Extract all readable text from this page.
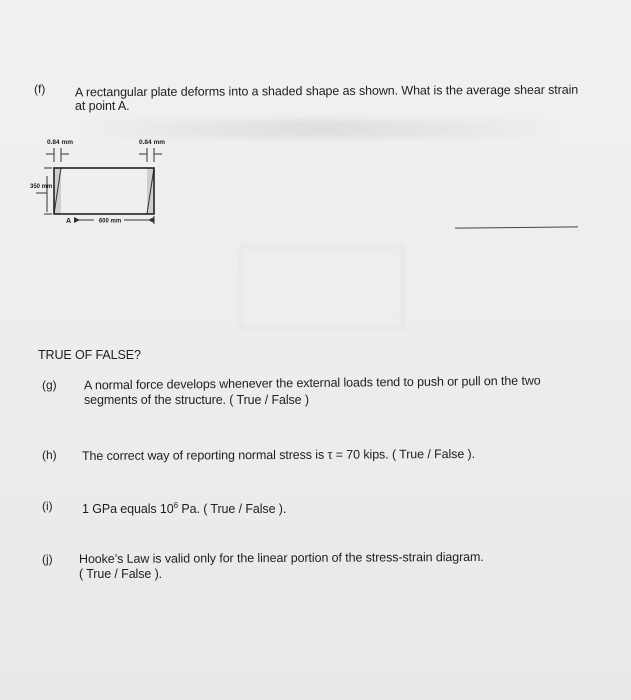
(f) A rectangular plate deforms into a shaded shape as shown. What is the average shear strain
at point A.
0.84 mm	0.84 mm
350 mm
600 mm
A
TRUE OF FALSE?
(g) A normal force develops whenever the external loads tend to push or pull on the two
segments of the structure. ( True / False )
(h) The correct way of reporting normal stress is τ = 70 kips. ( True / False ).
(i) 1 GPa equals $10^6$ Pa. ( True / False ).
(j) Hooke’s Law is valid only for the linear portion of the stress-strain diagram.
( True / False ).
